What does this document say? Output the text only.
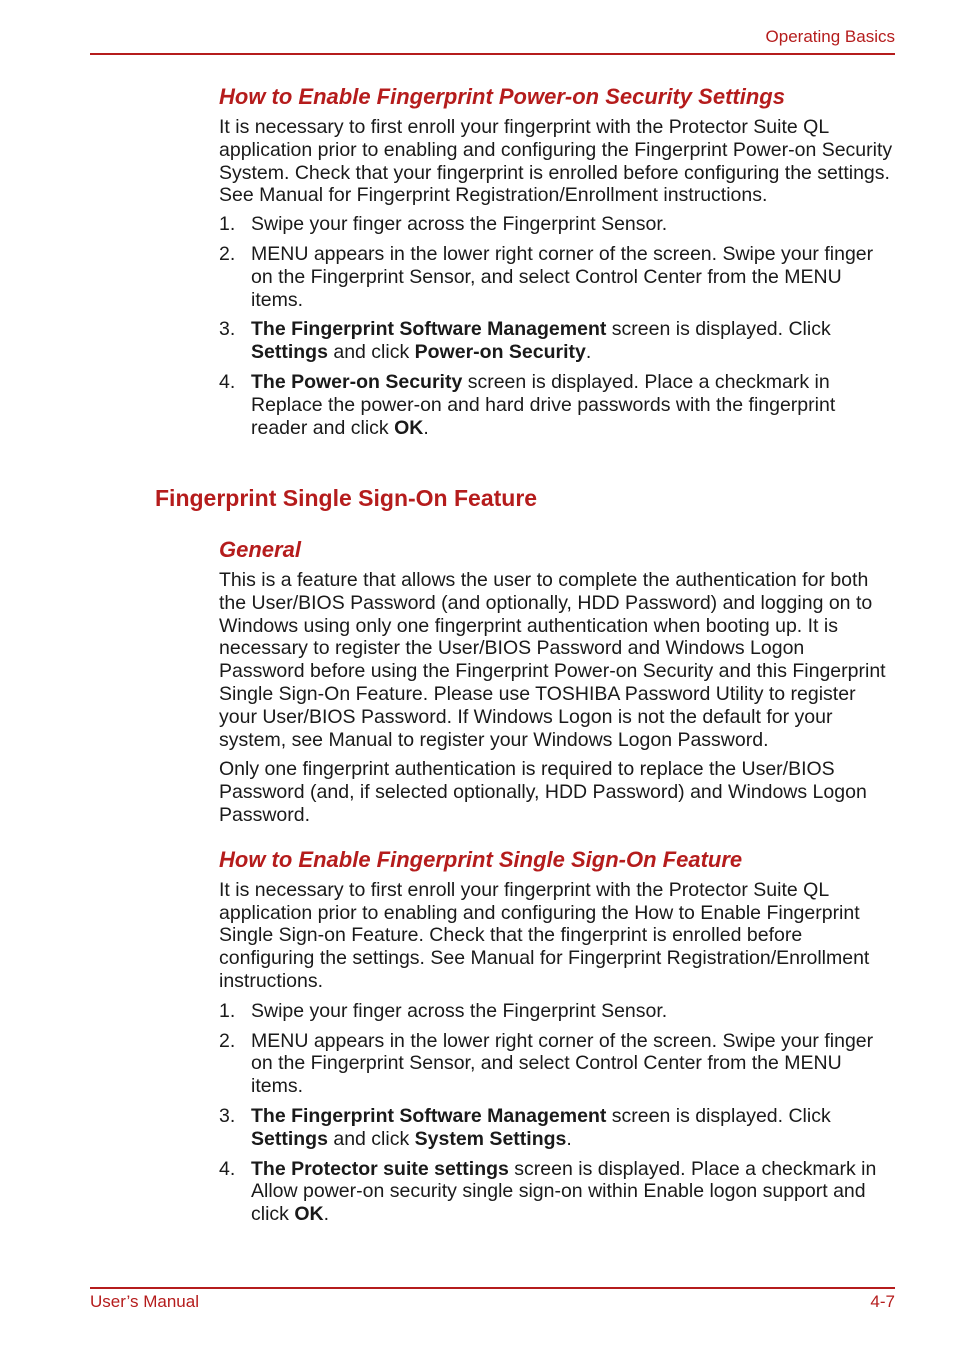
Operating Basics
How to Enable Fingerprint Power-on Security Settings

It is necessary to first enroll your fingerprint with the Protector Suite QL application prior to enabling and configuring the Fingerprint Power-on Security System. Check that your fingerprint is enrolled before configuring the settings. See Manual for Fingerprint Registration/Enrollment instructions.

1. Swipe your finger across the Fingerprint Sensor.
2. MENU appears in the lower right corner of the screen. Swipe your finger on the Fingerprint Sensor, and select Control Center from the MENU items.
3. The Fingerprint Software Management screen is displayed. Click Settings and click Power-on Security.
4. The Power-on Security screen is displayed. Place a checkmark in Replace the power-on and hard drive passwords with the fingerprint reader and click OK.
Fingerprint Single Sign-On Feature
General

This is a feature that allows the user to complete the authentication for both the User/BIOS Password (and optionally, HDD Password) and logging on to Windows using only one fingerprint authentication when booting up. It is necessary to register the User/BIOS Password and Windows Logon Password before using the Fingerprint Power-on Security and this Fingerprint Single Sign-On Feature. Please use TOSHIBA Password Utility to register your User/BIOS Password. If Windows Logon is not the default for your system, see Manual to register your Windows Logon Password.

Only one fingerprint authentication is required to replace the User/BIOS Password (and, if selected optionally, HDD Password) and Windows Logon Password.

How to Enable Fingerprint Single Sign-On Feature

It is necessary to first enroll your fingerprint with the Protector Suite QL application prior to enabling and configuring the How to Enable Fingerprint Single Sign-on Feature. Check that the fingerprint is enrolled before configuring the settings. See Manual for Fingerprint Registration/Enrollment instructions.

1. Swipe your finger across the Fingerprint Sensor.
2. MENU appears in the lower right corner of the screen. Swipe your finger on the Fingerprint Sensor, and select Control Center from the MENU items.
3. The Fingerprint Software Management screen is displayed. Click Settings and click System Settings.
4. The Protector suite settings screen is displayed. Place a checkmark in Allow power-on security single sign-on within Enable logon support and click OK.
User’s Manual	4-7
